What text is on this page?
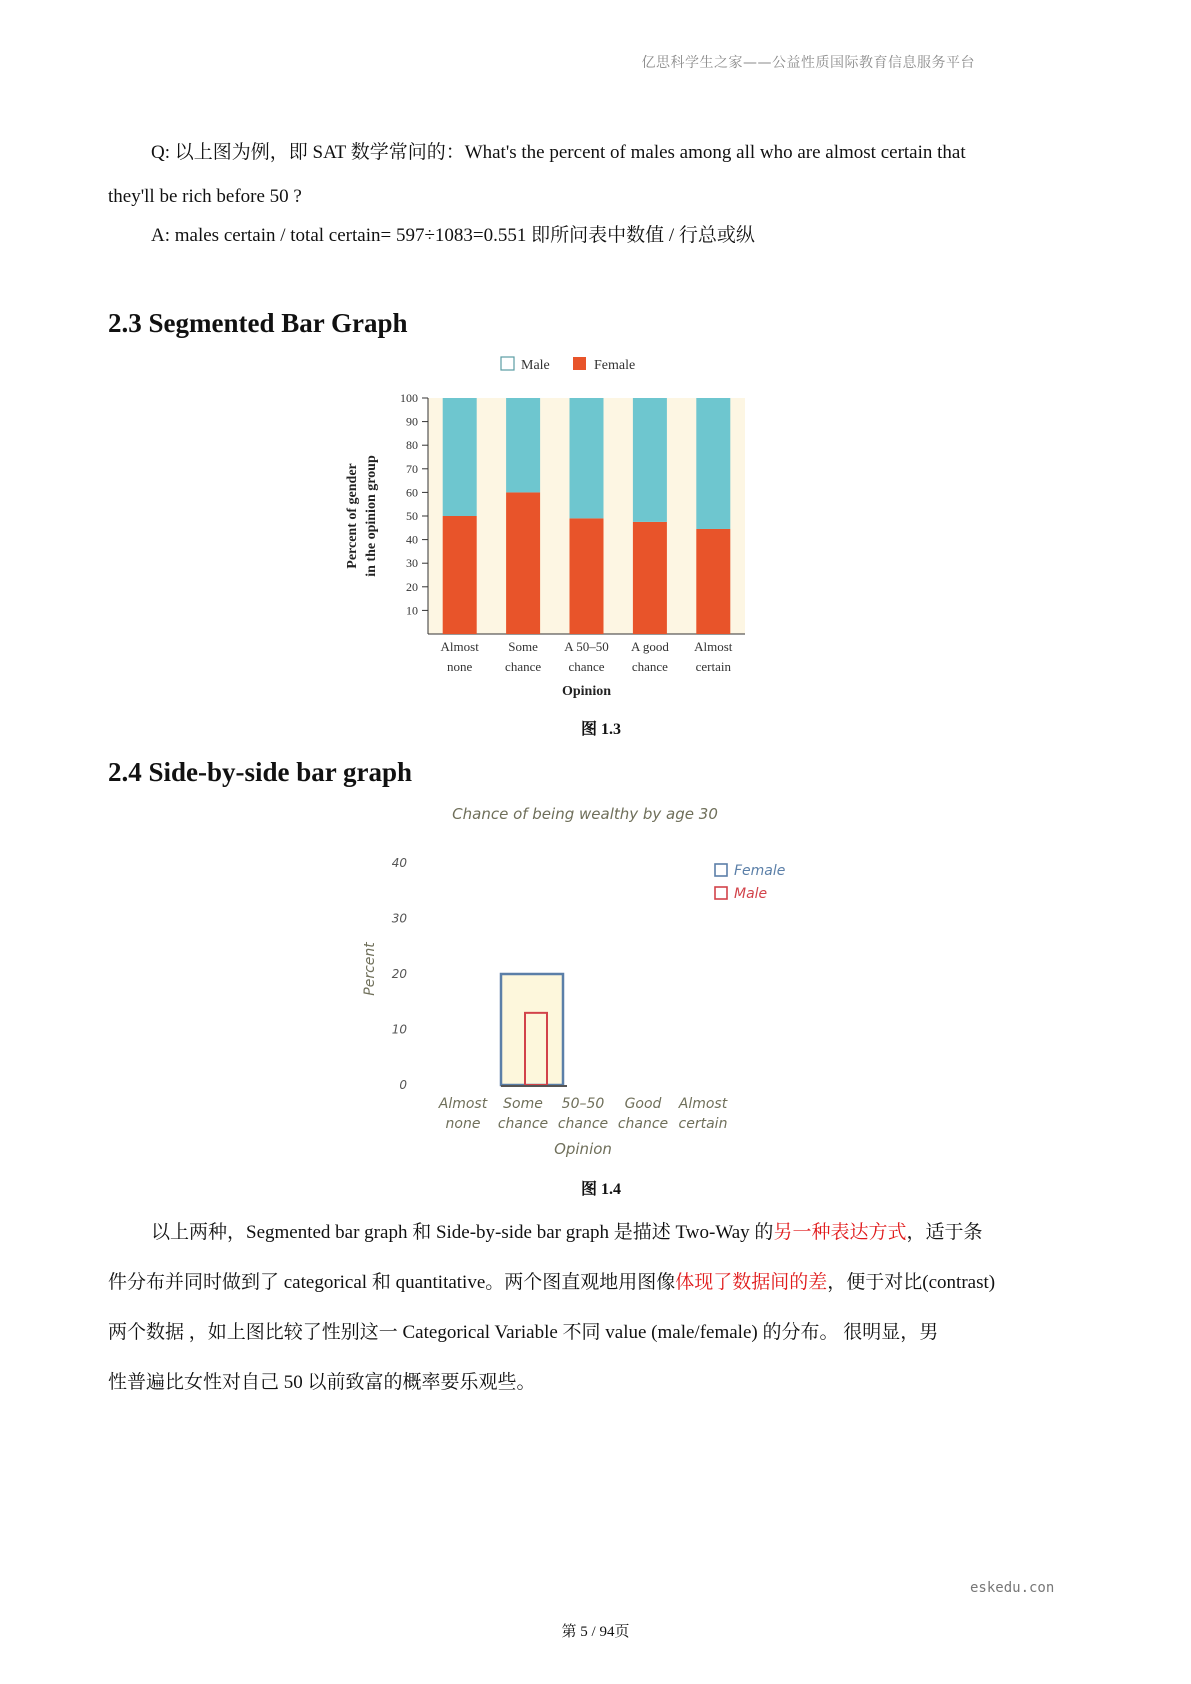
亿思科学生之家——公益性质国际教育信息服务平台
Q: 以上图为例，即 SAT 数学常问的：What's the percent of males among all who are almost certain that
they'll be rich before 50 ?
A: males certain / total certain= 597÷1083=0.551 即所问表中数值 / 行总或纵
2.3 Segmented Bar Graph
Male	Female
10
20
30
40
50
60
70
80
90
100
Percent of gender in the opinion group
Almost
none
Some
chance
A 50–50
chance
A good
chance
Almost
certain
Opinion
图 1.3
2.4 Side-by-side bar graph
Chance of being wealthy by age 30
0
10
20
30
40
Percent
Female
Male
Almost
none
Some
chance
50–50
chance
Good
chance
Almost
certain
Opinion
图 1.4
以上两种，Segmented bar graph 和 Side-by-side bar graph 是描述 Two-Way 的另一种表达方式，适于条
件分布并同时做到了 categorical 和 quantitative。两个图直观地用图像体现了数据间的差，便于对比(contrast)
两个数据 ，如上图比较了性别这一 Categorical Variable 不同 value (male/female) 的分布。 很明显，男
性普遍比女性对自己 50 以前致富的概率要乐观些。
eskedu.con
第 5 / 94页
